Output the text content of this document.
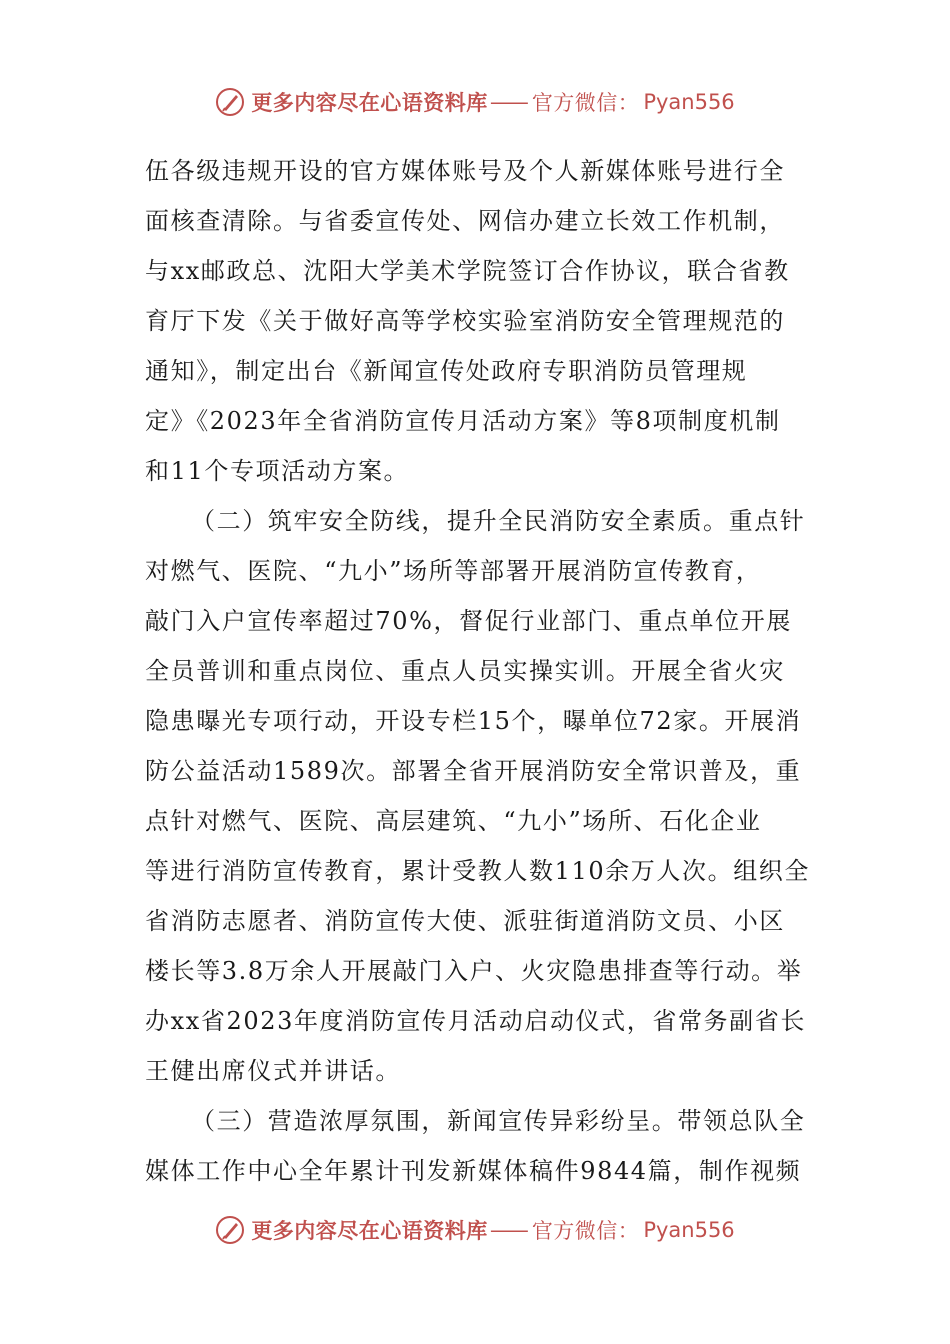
更多内容尽在心语资料库 —— 官方微信： Pyan556
伍各级违规开设的官方媒体账号及个人新媒体账号进行全
面核查清除。与省委宣传处、网信办建立长效工作机制，
与xx邮政总、沈阳大学美术学院签订合作协议，联合省教
育厅下发《关于做好高等学校实验室消防安全管理规范的
通知》，制定出台《新闻宣传处政府专职消防员管理规
定》《2023年全省消防宣传月活动方案》等8项制度机制
和11个专项活动方案。
（二）筑牢安全防线，提升全民消防安全素质。重点针
对燃气、医院、“九小”场所等部署开展消防宣传教育，
敲门入户宣传率超过70%，督促行业部门、重点单位开展
全员普训和重点岗位、重点人员实操实训。开展全省火灾
隐患曝光专项行动，开设专栏15个，曝单位72家。开展消
防公益活动1589次。部署全省开展消防安全常识普及，重
点针对燃气、医院、高层建筑、“九小”场所、石化企业
等进行消防宣传教育，累计受教人数110余万人次。组织全
省消防志愿者、消防宣传大使、派驻街道消防文员、小区
楼长等3.8万余人开展敲门入户、火灾隐患排查等行动。举
办xx省2023年度消防宣传月活动启动仪式，省常务副省长
王健出席仪式并讲话。
（三）营造浓厚氛围，新闻宣传异彩纷呈。带领总队全
媒体工作中心全年累计刊发新媒体稿件9844篇，制作视频
更多内容尽在心语资料库 —— 官方微信： Pyan556
